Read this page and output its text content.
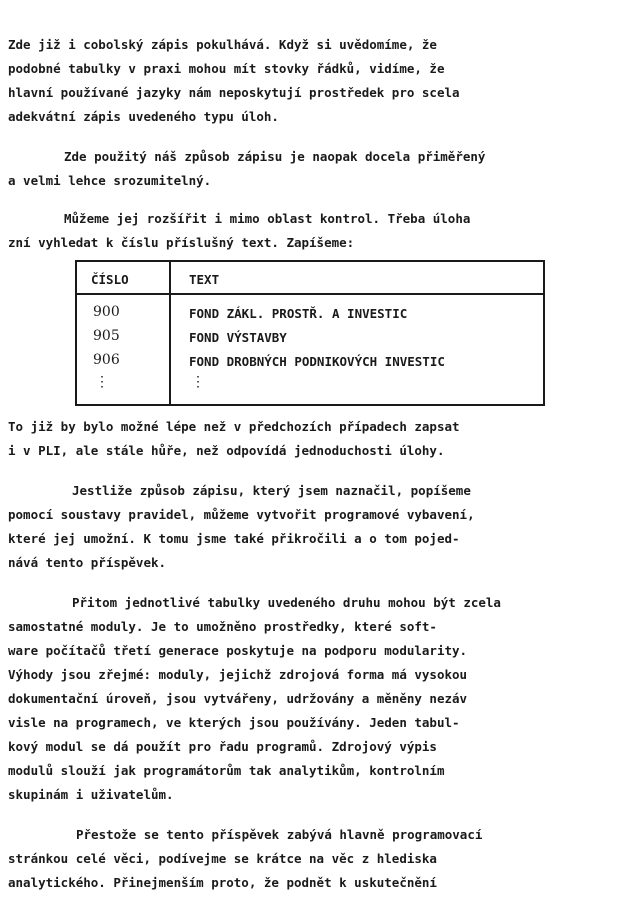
Zde již i cobolský zápis pokulhává. Když si uvědomíme, že
podobné tabulky v praxi mohou mít stovky řádků, vidíme, že
hlavní používané jazyky nám neposkytují prostředek pro scela
adekvátní zápis uvedeného typu úloh.
Zde použitý náš způsob zápisu je naopak docela přiměřený
a velmi lehce srozumitelný.
Můžeme jej rozšířit i mimo oblast kontrol. Třeba úloha
zní vyhledat k číslu příslušný text. Zapíšeme:
ČÍSLO	TEXT
900	FOND ZÁKL. PROSTŘ. A INVESTIC
905	FOND VÝSTAVBY
906	FOND DROBNÝCH PODNIKOVÝCH INVESTIC
⋮	⋮
To již by bylo možné lépe než v předchozích případech zapsat
i v PLI, ale stále hůře, než odpovídá jednoduchosti úlohy.
Jestliže způsob zápisu, který jsem naznačil, popíšeme
pomocí soustavy pravidel, můžeme vytvořit programové vybavení,
které jej umožní. K tomu jsme také přikročili a o tom pojed-
nává tento příspěvek.
Přitom jednotlivé tabulky uvedeného druhu mohou být zcela
samostatné moduly. Je to umožněno prostředky, které soft-
ware počítačů třetí generace poskytuje na podporu modularity.
Výhody jsou zřejmé: moduly, jejichž zdrojová forma má vysokou
dokumentační úroveň, jsou vytvářeny, udržovány a měněny nezáv
visle na programech, ve kterých jsou používány. Jeden tabul-
kový modul se dá použít pro řadu programů. Zdrojový výpis
modulů slouží jak programátorům tak analytikům, kontrolním
skupinám i uživatelům.
Přestože se tento příspěvek zabývá hlavně programovací
stránkou celé věci, podívejme se krátce na věc z hlediska
analytického. Přinejmenším proto, že podnět k uskutečnění
